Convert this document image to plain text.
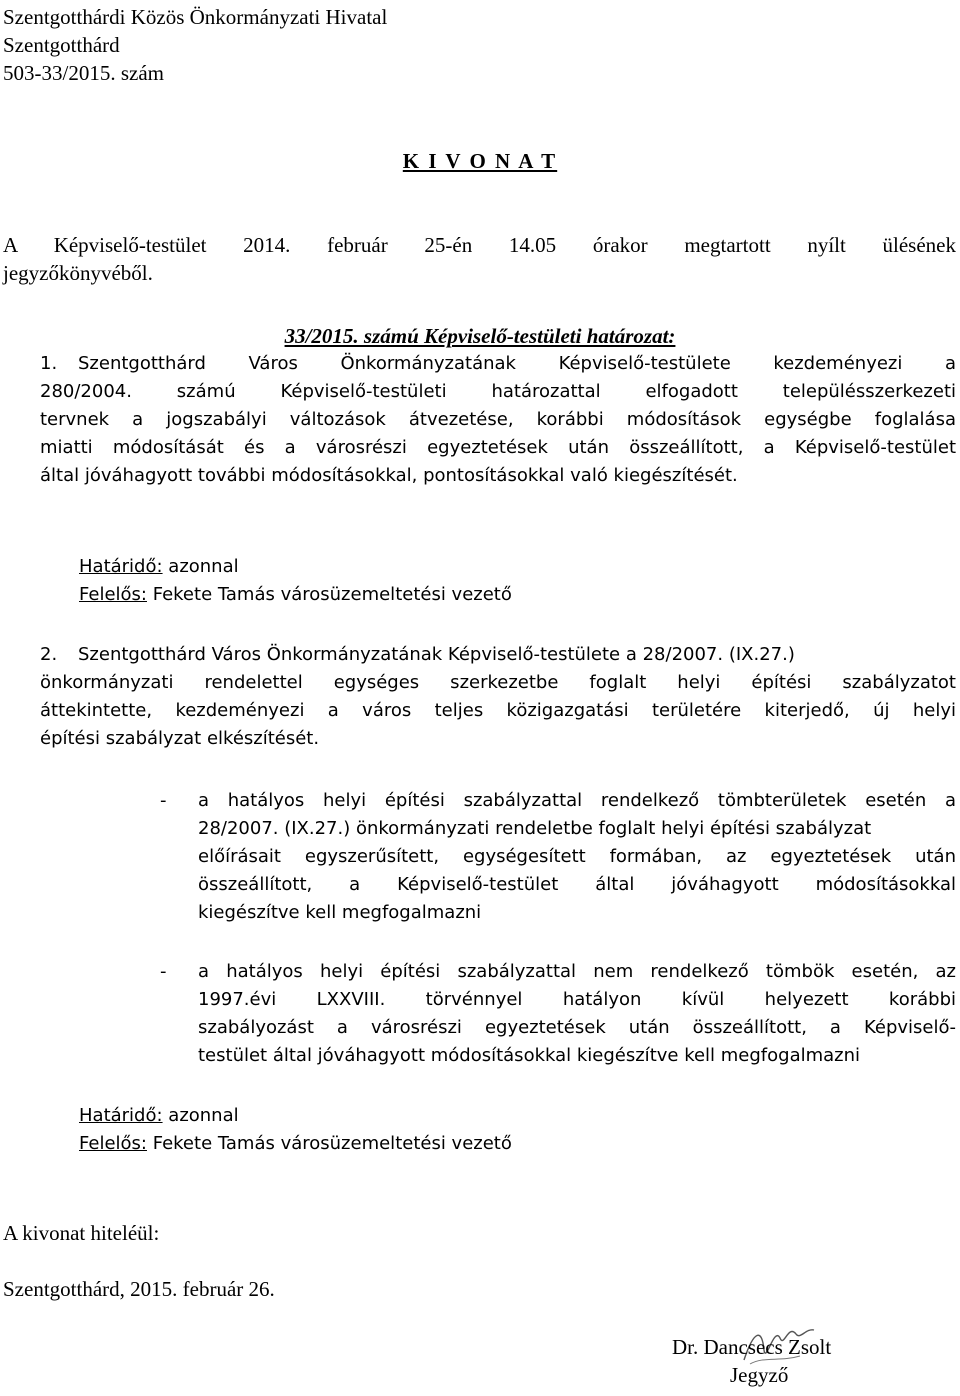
Szentgotthárdi Közös Önkormányzati Hivatal
Szentgotthárd
503-33/2015. szám
K I V O N A T
A Képviselő-testület 2014. február 25-én 14.05 órakor megtartott nyílt ülésének
jegyzőkönyvéből.
33/2015. számú Képviselő-testületi határozat:
1. Szentgotthárd Város Önkormányzatának Képviselő-testülete kezdeményezi a
280/2004. számú Képviselő-testületi határozattal elfogadott településszerkezeti
tervnek a jogszabályi változások átvezetése, korábbi módosítások egységbe foglalása
miatti módosítását és a városrészi egyeztetések után összeállított, a Képviselő-testület
által jóváhagyott további módosításokkal, pontosításokkal való kiegészítését.
Határidő: azonnal
Felelős: Fekete Tamás városüzemeltetési vezető
2. Szentgotthárd Város Önkormányzatának Képviselő-testülete a 28/2007. (IX.27.)
önkormányzati rendelettel egységes szerkezetbe foglalt helyi építési szabályzatot
áttekintette, kezdeményezi a város teljes közigazgatási területére kiterjedő, új helyi
építési szabályzat elkészítését.
- a hatályos helyi építési szabályzattal rendelkező tömbterületek esetén a
28/2007. (IX.27.) önkormányzati rendeletbe foglalt helyi építési szabályzat
előírásait egyszerűsített, egységesített formában, az egyeztetések után
összeállított, a Képviselő-testület által jóváhagyott módosításokkal
kiegészítve kell megfogalmazni
- a hatályos helyi építési szabályzattal nem rendelkező tömbök esetén, az
1997.évi LXXVIII. törvénnyel hatályon kívül helyezett korábbi
szabályozást a városrészi egyeztetések után összeállított, a Képviselő-
testület által jóváhagyott módosításokkal kiegészítve kell megfogalmazni
Határidő: azonnal
Felelős: Fekete Tamás városüzemeltetési vezető
A kivonat hiteléül:
Szentgotthárd, 2015. február 26.
Dr. Dancsecs Zsolt
Jegyző
